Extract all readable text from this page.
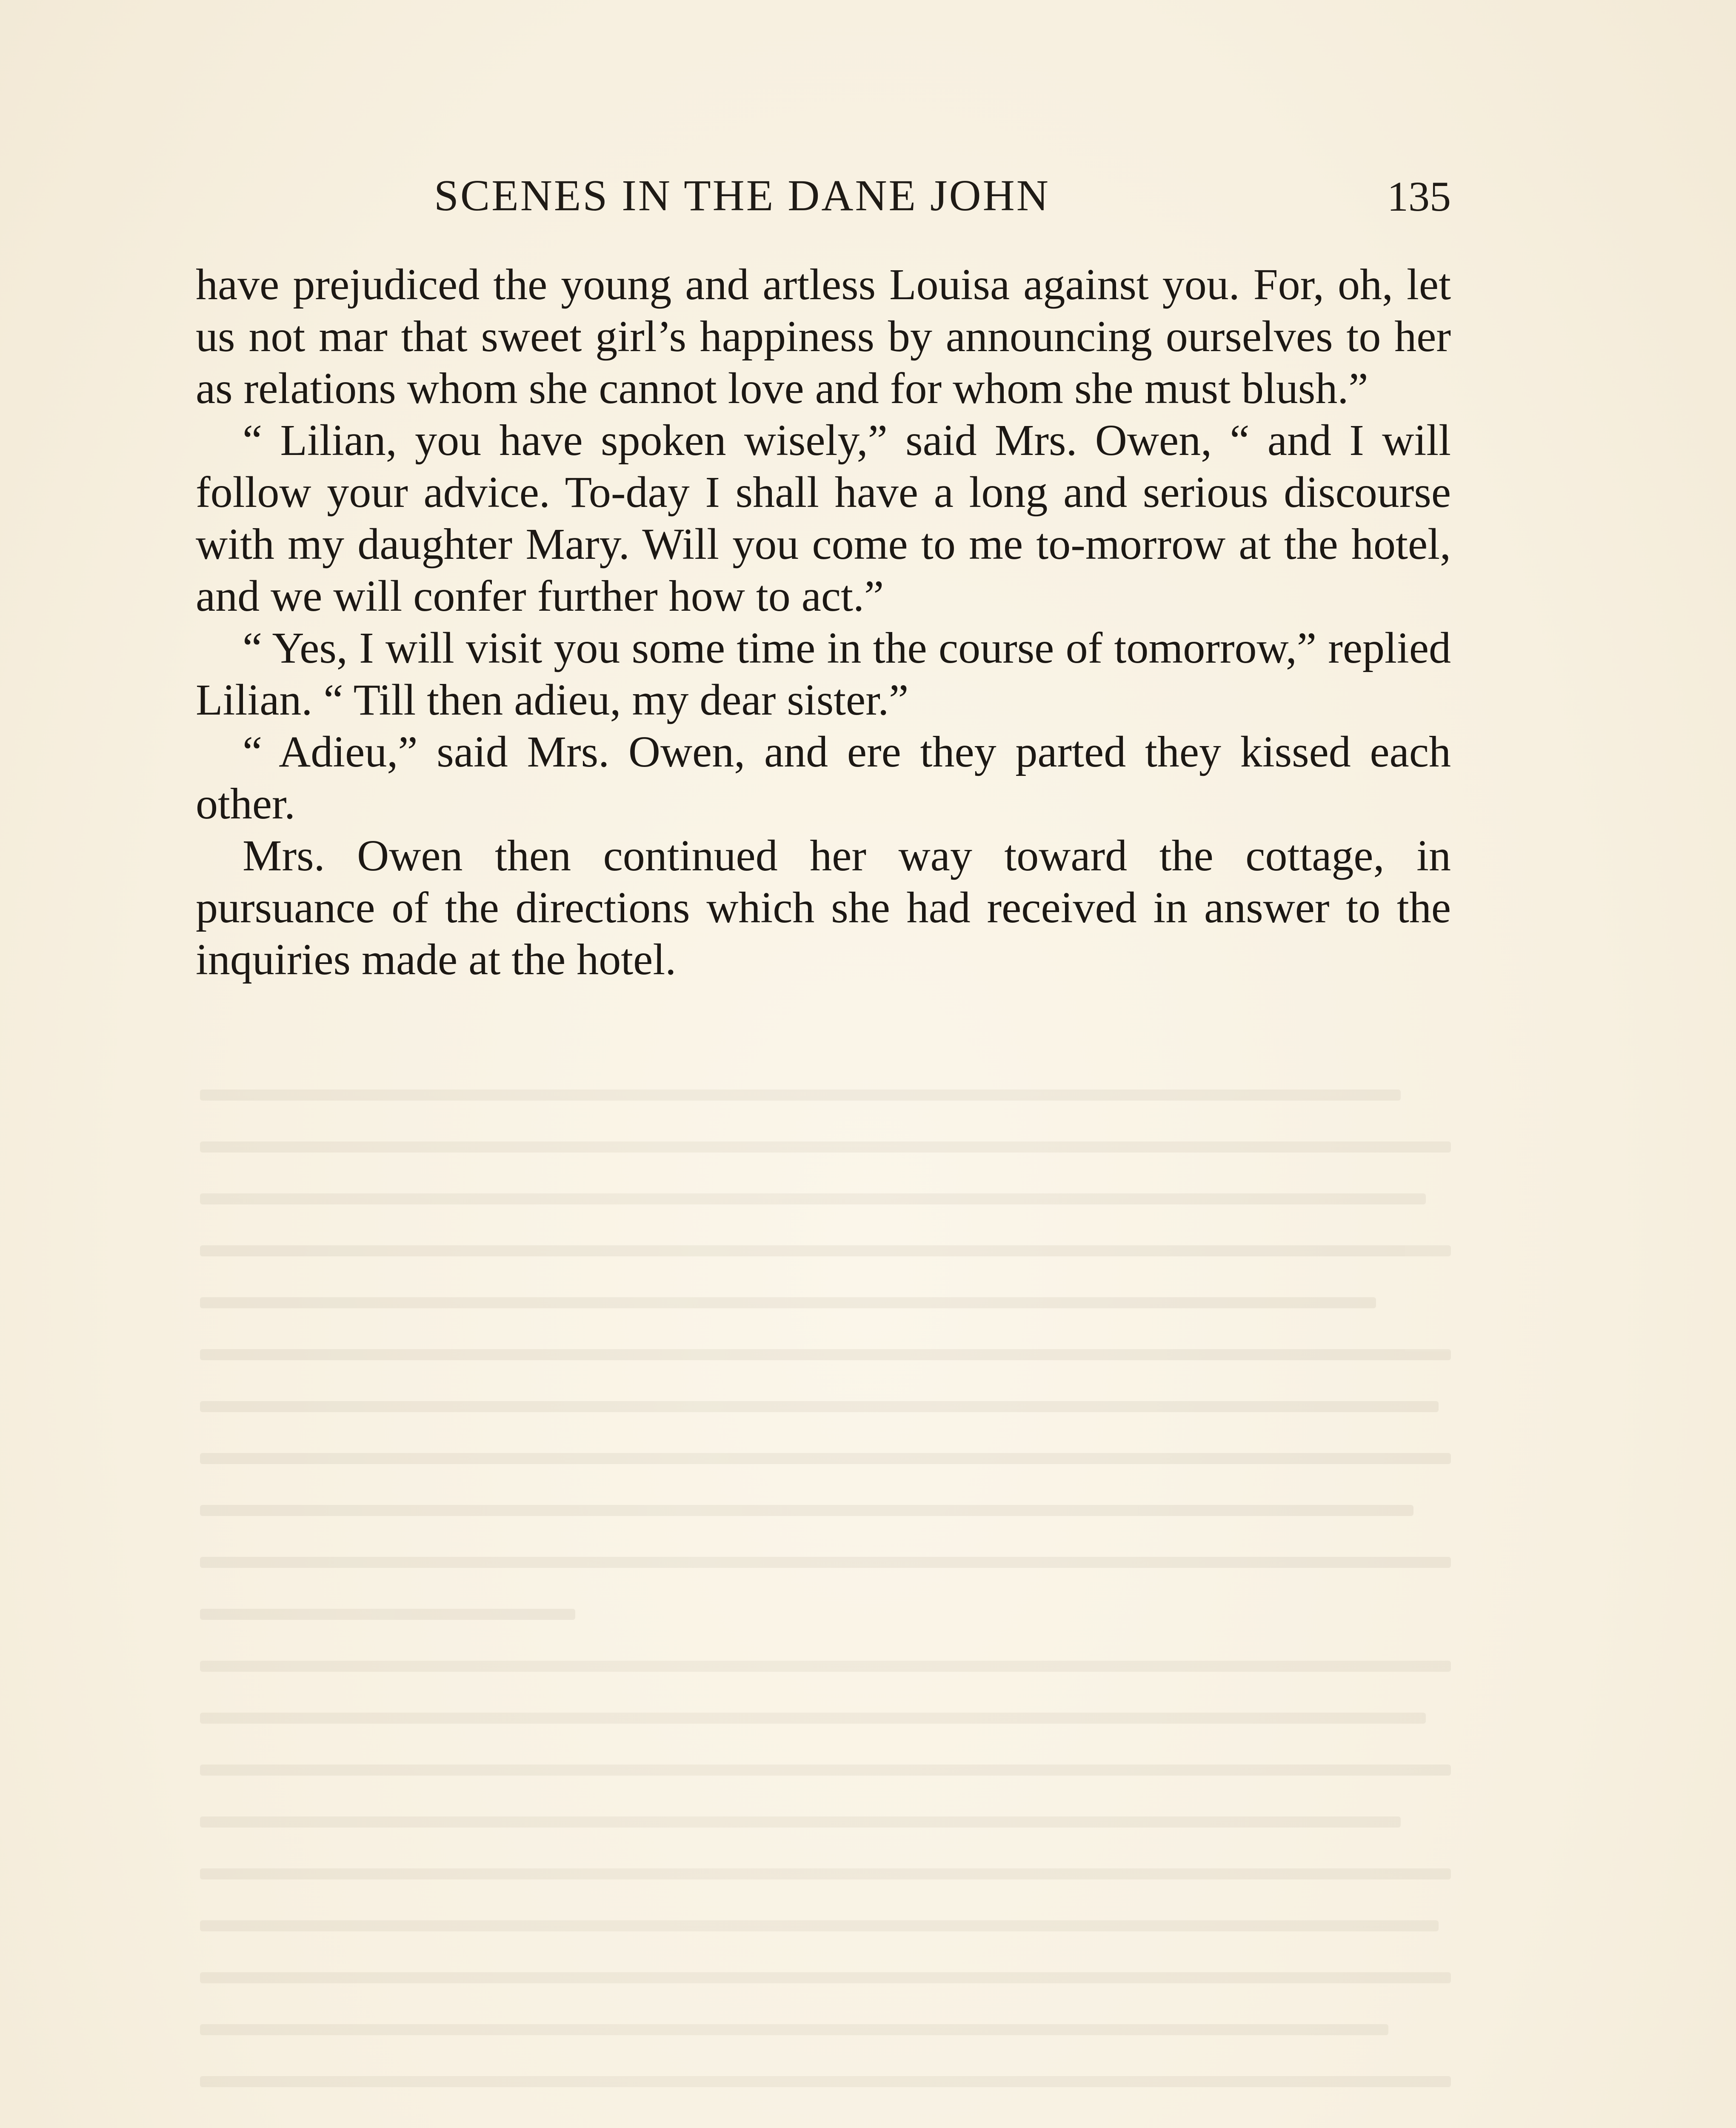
SCENES IN THE DANE JOHN	135

have prejudiced the young and artless Louisa against you. For, oh, let us not mar that sweet girl’s happiness by announcing ourselves to her as relations whom she cannot love and for whom she must blush.”

“ Lilian, you have spoken wisely,” said Mrs. Owen, “ and I will follow your advice. To-day I shall have a long and serious discourse with my daughter Mary. Will you come to me to-morrow at the hotel, and we will confer further how to act.”

“ Yes, I will visit you some time in the course of tomorrow,” replied Lilian. “ Till then adieu, my dear sister.”

“ Adieu,” said Mrs. Owen, and ere they parted they kissed each other.

Mrs. Owen then continued her way toward the cottage, in pursuance of the directions which she had received in answer to the inquiries made at the hotel.
